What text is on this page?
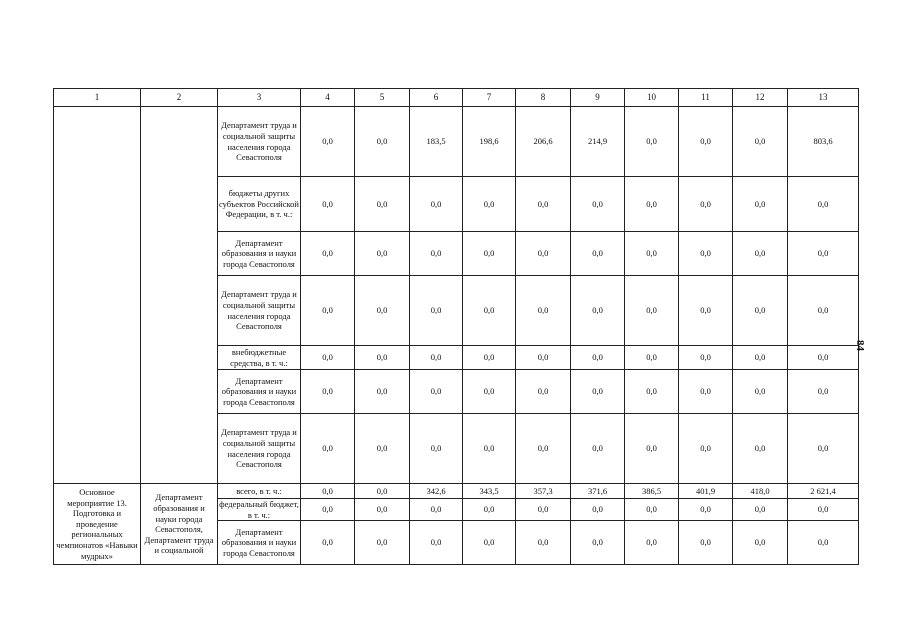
1	2	3	4	5	6	7	8	9	10	11	12	13
		Департамент труда и социальной защиты населения города Севастополя	0,0	0,0	183,5	198,6	206,6	214,9	0,0	0,0	0,0	803,6
		бюджеты других субъектов Российской Федерации, в т. ч.:	0,0	0,0	0,0	0,0	0,0	0,0	0,0	0,0	0,0	0,0
		Департамент образования и науки города Севастополя	0,0	0,0	0,0	0,0	0,0	0,0	0,0	0,0	0,0	0,0
		Департамент труда и социальной защиты населения города Севастополя	0,0	0,0	0,0	0,0	0,0	0,0	0,0	0,0	0,0	0,0
		внебюджетные средства, в т. ч.:	0,0	0,0	0,0	0,0	0,0	0,0	0,0	0,0	0,0	0,0
		Департамент образования и науки города Севастополя	0,0	0,0	0,0	0,0	0,0	0,0	0,0	0,0	0,0	0,0
		Департамент труда и социальной защиты населения города Севастополя	0,0	0,0	0,0	0,0	0,0	0,0	0,0	0,0	0,0	0,0
Основное мероприятие 13. Подготовка и проведение региональных чемпионатов «Навыки мудрых»	Департамент образования и науки города Севастополя, Департамент труда и социальной	всего, в т. ч.:	0,0	0,0	342,6	343,5	357,3	371,6	386,5	401,9	418,0	2 621,4
		федеральный бюджет, в т. ч.:	0,0	0,0	0,0	0,0	0,0	0,0	0,0	0,0	0,0	0,0
		Департамент образования и науки города Севастополя	0,0	0,0	0,0	0,0	0,0	0,0	0,0	0,0	0,0	0,0
84
